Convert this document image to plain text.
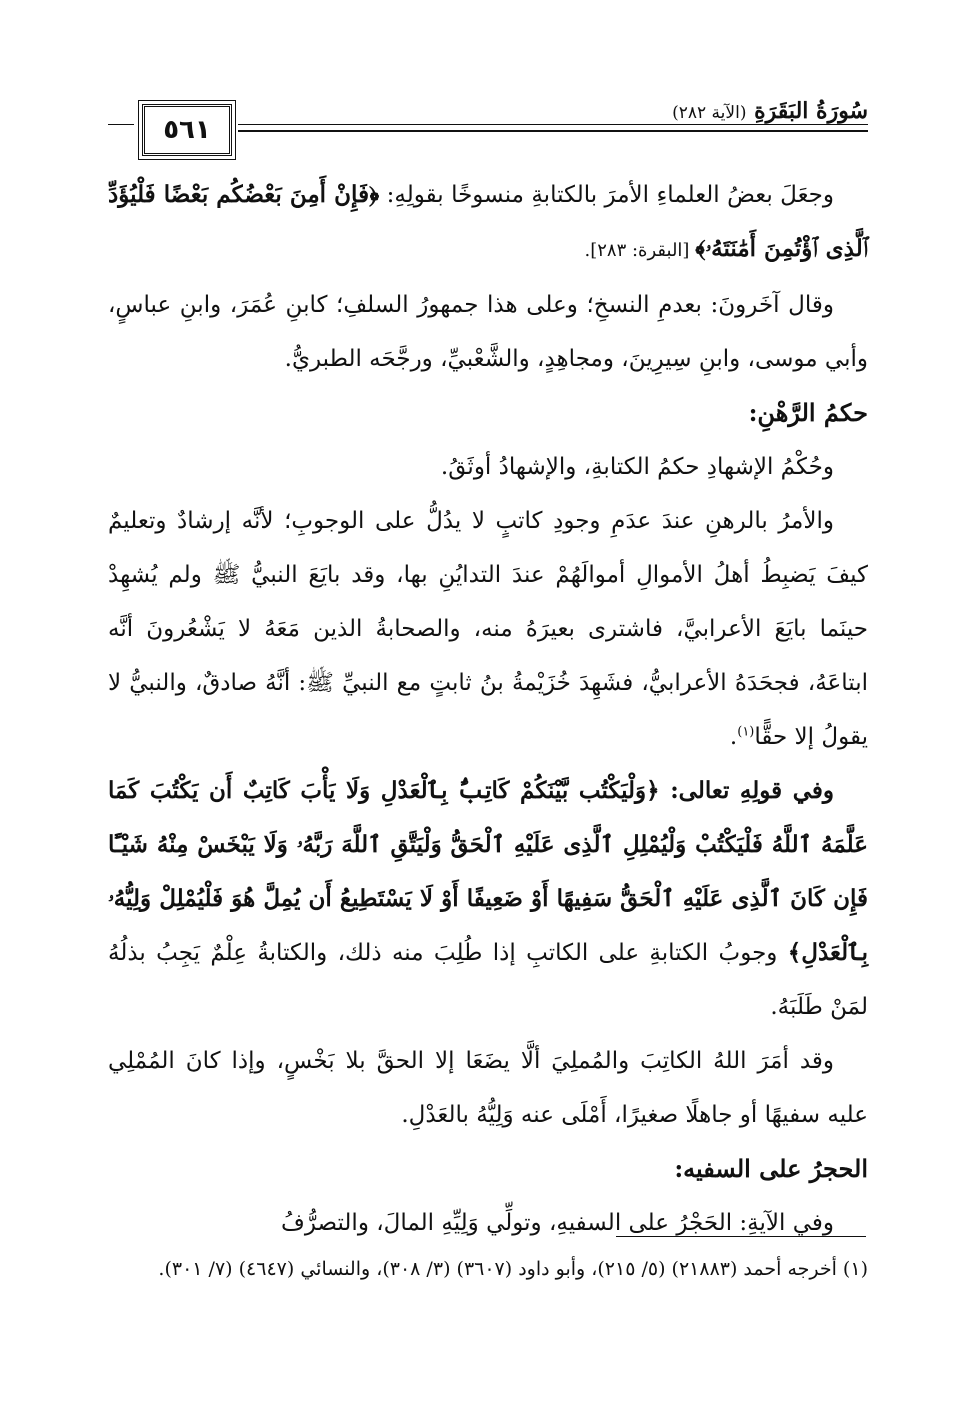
٥٦١
سُورَةُ البَقَرَةِ (الآية ٢٨٢)

وجعَلَ بعضُ العلماءِ الأمرَ بالكتابةِ منسوخًا بقولِهِ: ﴿فَإِنْ أَمِنَ بَعْضُكُم بَعْضًا فَلْيُؤَدِّ ٱلَّذِى ٱؤْتُمِنَ أَمَٰنَتَهُۥ﴾ [البقرة: ٢٨٣].

وقال آخَرونَ: بعدمِ النسخِ؛ وعلى هذا جمهورُ السلفِ؛ كابنِ عُمَرَ، وابنِ عباسٍ، وأبي موسى، وابنِ سِيرِينَ، ومجاهِدٍ، والشَّعْبيِّ، ورجَّحَه الطبريُّ.

حكمُ الرَّهْنِ:

وحُكْمُ الإشهادِ حكمُ الكتابةِ، والإشهادُ أوثَقُ.

والأمرُ بالرهنِ عندَ عدَمِ وجودِ كاتبٍ لا يدُلُّ على الوجوبِ؛ لأنَّه إرشادٌ وتعليمٌ كيفَ يَضبِطُ أهلُ الأموالِ أموالَهُمْ عندَ التدايُنِ بها، وقد بايَعَ النبيُّ ﷺ ولم يُشهِدْ حينَما بايَعَ الأعرابيَّ، فاشترى بعيرَهُ منه، والصحابةُ الذين مَعَهُ لا يَشْعُرونَ أنَّه ابتاعَهُ، فجحَدَهُ الأعرابيُّ، فشَهِدَ خُزَيْمةُ بنُ ثابتٍ مع النبيِّ ﷺ: أنَّهُ صادقٌ، والنبيُّ لا يقولُ إلا حقًّا$^{(١)}$.

وفي قولِهِ تعالى: ﴿وَلْيَكْتُب بَّيْنَكُمْ كَاتِبٌۢ بِٱلْعَدْلِ وَلَا يَأْبَ كَاتِبٌ أَن يَكْتُبَ كَمَا عَلَّمَهُ ٱللَّهُ فَلْيَكْتُبْ وَلْيُمْلِلِ ٱلَّذِى عَلَيْهِ ٱلْحَقُّ وَلْيَتَّقِ ٱللَّهَ رَبَّهُۥ وَلَا يَبْخَسْ مِنْهُ شَيْـًٔا فَإِن كَانَ ٱلَّذِى عَلَيْهِ ٱلْحَقُّ سَفِيهًا أَوْ ضَعِيفًا أَوْ لَا يَسْتَطِيعُ أَن يُمِلَّ هُوَ فَلْيُمْلِلْ وَلِيُّهُۥ بِٱلْعَدْلِ﴾ وجوبُ الكتابةِ على الكاتبِ إذا طُلِبَ منه ذلك، والكتابةُ عِلْمٌ يَجِبُ بذلُهُ لمَنْ طَلَبَهُ.

وقد أمَرَ اللهُ الكاتِبَ والمُملِيَ ألَّا يضَعَا إلا الحقَّ بلا بَخْسٍ، وإذا كانَ المُمْلِي عليه سفيهًا أو جاهلًا صغيرًا، أَمْلَى عنه وَلِيُّهُ بالعَدْلِ.

الحجرُ على السفيه:

وفي الآيةِ: الحَجْرُ على السفيهِ، وتولِّي وَلِيِّهِ المالَ، والتصرُّفُ

(١) أخرجه أحمد (٢١٨٨٣) (٥/ ٢١٥)، وأبو داود (٣٦٠٧) (٣/ ٣٠٨)، والنسائي (٤٦٤٧) (٧/ ٣٠١).
